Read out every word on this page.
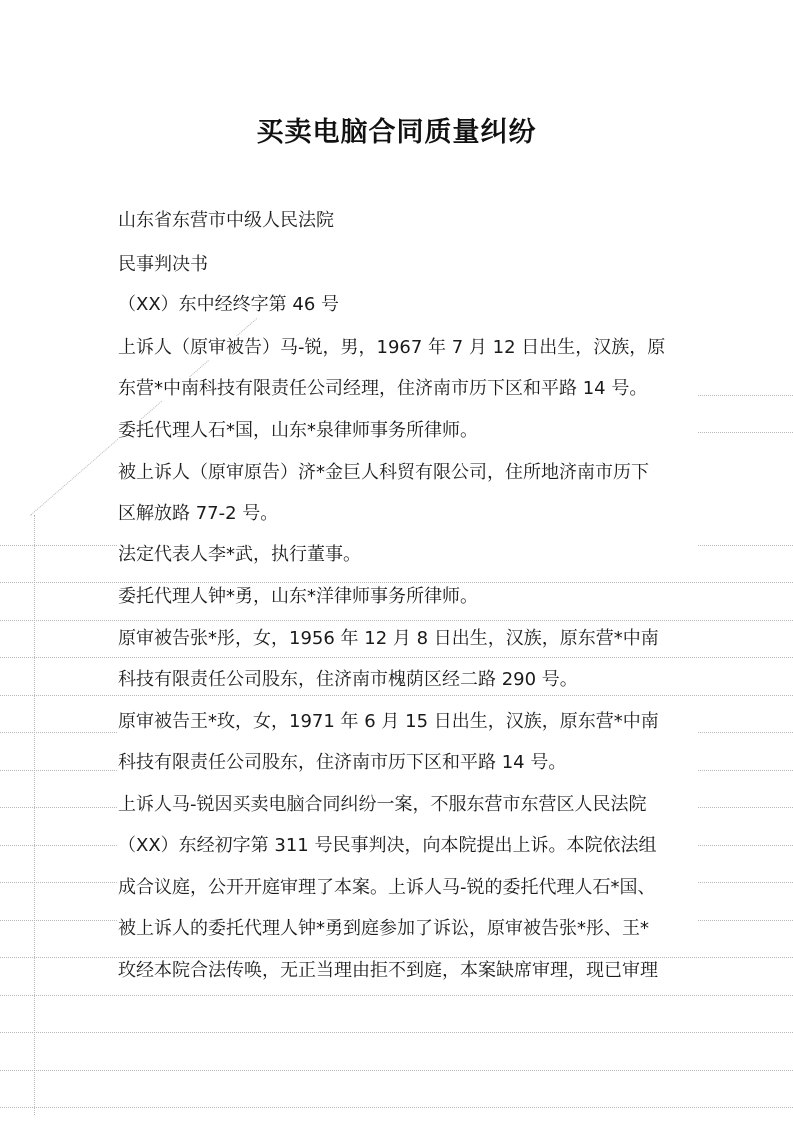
买卖电脑合同质量纠纷
山东省东营市中级人民法院
民事判决书
（XX）东中经终字第 46 号
上诉人（原审被告）马-锐，男，1967 年 7 月 12 日出生，汉族，原
东营*中南科技有限责任公司经理，住济南市历下区和平路 14 号。
委托代理人石*国，山东*泉律师事务所律师。
被上诉人（原审原告）济*金巨人科贸有限公司，住所地济南市历下
区解放路 77-2 号。
法定代表人李*武，执行董事。
委托代理人钟*勇，山东*洋律师事务所律师。
原审被告张*彤，女，1956 年 12 月 8 日出生，汉族，原东营*中南
科技有限责任公司股东，住济南市槐荫区经二路 290 号。
原审被告王*玫，女，1971 年 6 月 15 日出生，汉族，原东营*中南
科技有限责任公司股东，住济南市历下区和平路 14 号。
上诉人马-锐因买卖电脑合同纠纷一案，不服东营市东营区人民法院
（XX）东经初字第 311 号民事判决，向本院提出上诉。本院依法组
成合议庭，公开开庭审理了本案。上诉人马-锐的委托代理人石*国、
被上诉人的委托代理人钟*勇到庭参加了诉讼，原审被告张*彤、王*
玫经本院合法传唤，无正当理由拒不到庭，本案缺席审理，现已审理
